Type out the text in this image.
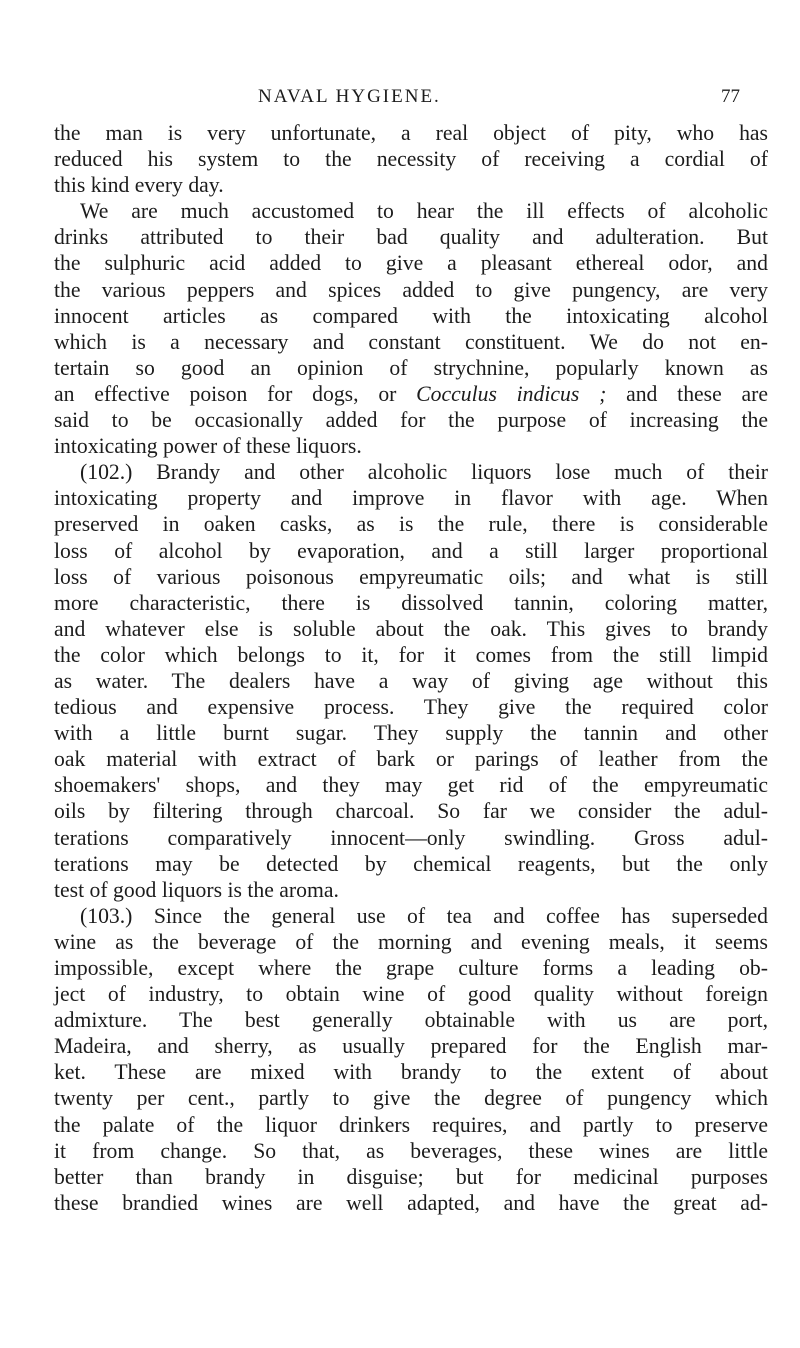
NAVAL HYGIENE.	77
the man is very unfortunate, a real object of pity, who has
reduced his system to the necessity of receiving a cordial of
this kind every day.
We are much accustomed to hear the ill effects of alcoholic
drinks attributed to their bad quality and adulteration. But
the sulphuric acid added to give a pleasant ethereal odor, and
the various peppers and spices added to give pungency, are very
innocent articles as compared with the intoxicating alcohol
which is a necessary and constant constituent. We do not en-
tertain so good an opinion of strychnine, popularly known as
an effective poison for dogs, or Cocculus indicus ; and these are
said to be occasionally added for the purpose of increasing the
intoxicating power of these liquors.
(102.) Brandy and other alcoholic liquors lose much of their
intoxicating property and improve in flavor with age. When
preserved in oaken casks, as is the rule, there is considerable
loss of alcohol by evaporation, and a still larger proportional
loss of various poisonous empyreumatic oils; and what is still
more characteristic, there is dissolved tannin, coloring matter,
and whatever else is soluble about the oak. This gives to brandy
the color which belongs to it, for it comes from the still limpid
as water. The dealers have a way of giving age without this
tedious and expensive process. They give the required color
with a little burnt sugar. They supply the tannin and other
oak material with extract of bark or parings of leather from the
shoemakers' shops, and they may get rid of the empyreumatic
oils by filtering through charcoal. So far we consider the adul-
terations comparatively innocent—only swindling. Gross adul-
terations may be detected by chemical reagents, but the only
test of good liquors is the aroma.
(103.) Since the general use of tea and coffee has superseded
wine as the beverage of the morning and evening meals, it seems
impossible, except where the grape culture forms a leading ob-
ject of industry, to obtain wine of good quality without foreign
admixture. The best generally obtainable with us are port,
Madeira, and sherry, as usually prepared for the English mar-
ket. These are mixed with brandy to the extent of about
twenty per cent., partly to give the degree of pungency which
the palate of the liquor drinkers requires, and partly to preserve
it from change. So that, as beverages, these wines are little
better than brandy in disguise; but for medicinal purposes
these brandied wines are well adapted, and have the great ad-
